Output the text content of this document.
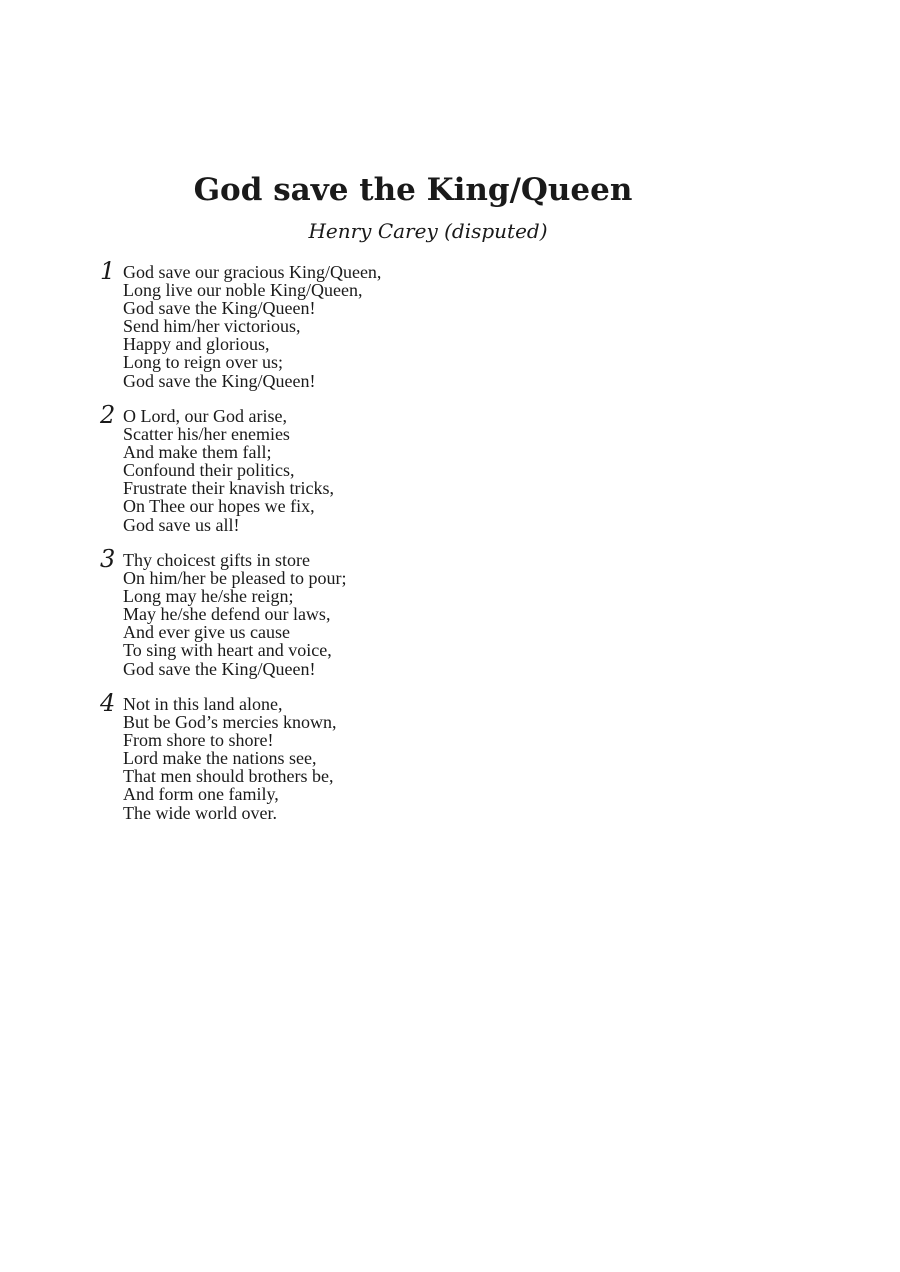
God save the King/Queen
Henry Carey (disputed)
1 God save our gracious King/Queen,
Long live our noble King/Queen,
God save the King/Queen!
Send him/her victorious,
Happy and glorious,
Long to reign over us;
God save the King/Queen!
2 O Lord, our God arise,
Scatter his/her enemies
And make them fall;
Confound their politics,
Frustrate their knavish tricks,
On Thee our hopes we fix,
God save us all!
3 Thy choicest gifts in store
On him/her be pleased to pour;
Long may he/she reign;
May he/she defend our laws,
And ever give us cause
To sing with heart and voice,
God save the King/Queen!
4 Not in this land alone,
But be God’s mercies known,
From shore to shore!
Lord make the nations see,
That men should brothers be,
And form one family,
The wide world over.
